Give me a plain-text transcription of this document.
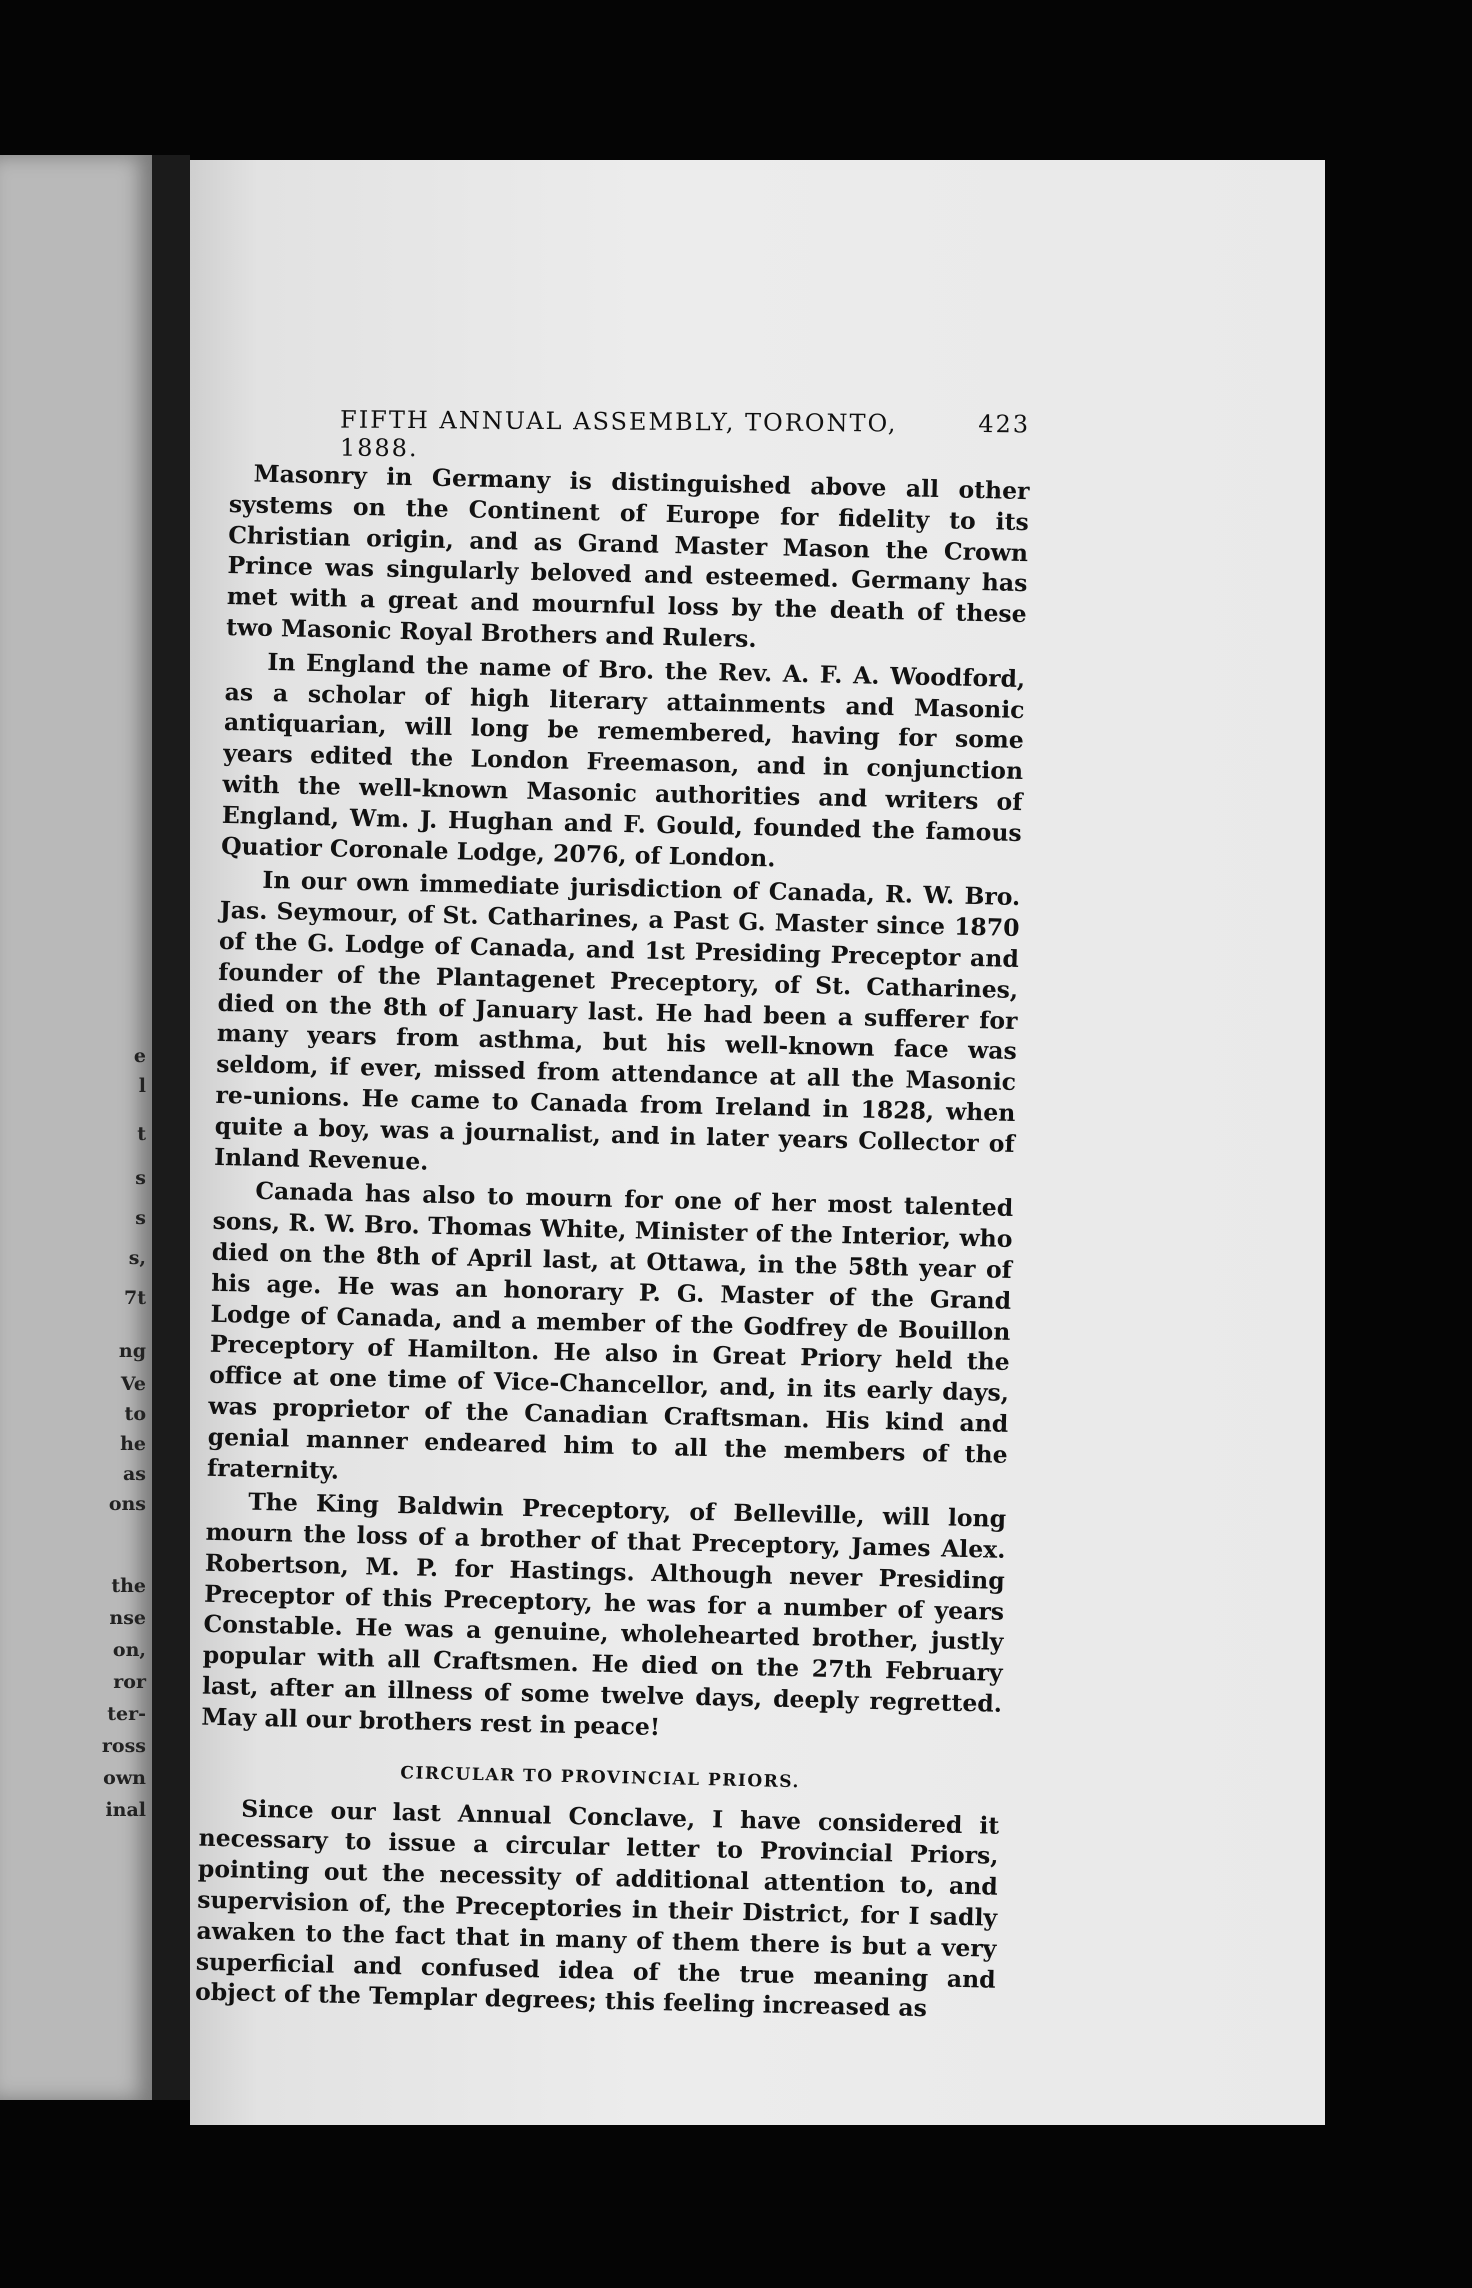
e
l
t
s
s
s,
7t
ng
Ve
to
he
as
ons
the
nse
on,
ror
ter-
ross
own
inal
FIFTH ANNUAL ASSEMBLY, TORONTO, 1888.
423

Masonry in Germany is distinguished above all other systems on the Continent of Europe for fidelity to its Christian origin, and as Grand Master Mason the Crown Prince was singularly beloved and esteemed. Germany has met with a great and mournful loss by the death of these two Masonic Royal Brothers and Rulers.

In England the name of Bro. the Rev. A. F. A. Woodford, as a scholar of high literary attainments and Masonic antiquarian, will long be remembered, having for some years edited the London Freemason, and in conjunction with the well-known Masonic authorities and writers of England, Wm. J. Hughan and F. Gould, founded the famous Quatior Coronale Lodge, 2076, of London.

In our own immediate jurisdiction of Canada, R. W. Bro. Jas. Seymour, of St. Catharines, a Past G. Master since 1870 of the G. Lodge of Canada, and 1st Presiding Preceptor and founder of the Plantagenet Preceptory, of St. Catharines, died on the 8th of January last. He had been a sufferer for many years from asthma, but his well-known face was seldom, if ever, missed from attendance at all the Masonic re-unions. He came to Canada from Ireland in 1828, when quite a boy, was a journalist, and in later years Collector of Inland Revenue.

Canada has also to mourn for one of her most talented sons, R. W. Bro. Thomas White, Minister of the Interior, who died on the 8th of April last, at Ottawa, in the 58th year of his age. He was an honorary P. G. Master of the Grand Lodge of Canada, and a member of the Godfrey de Bouillon Preceptory of Hamilton. He also in Great Priory held the office at one time of Vice-Chancellor, and, in its early days, was proprietor of the Canadian Craftsman. His kind and genial manner endeared him to all the members of the fraternity.

The King Baldwin Preceptory, of Belleville, will long mourn the loss of a brother of that Preceptory, James Alex. Robertson, M. P. for Hastings. Although never Presiding Preceptor of this Preceptory, he was for a number of years Constable. He was a genuine, wholehearted brother, justly popular with all Craftsmen. He died on the 27th February last, after an illness of some twelve days, deeply regretted. May all our brothers rest in peace!

CIRCULAR TO PROVINCIAL PRIORS.

Since our last Annual Conclave, I have considered it necessary to issue a circular letter to Provincial Priors, pointing out the necessity of additional attention to, and supervision of, the Preceptories in their District, for I sadly awaken to the fact that in many of them there is but a very superficial and confused idea of the true meaning and object of the Templar degrees; this feeling increased as
